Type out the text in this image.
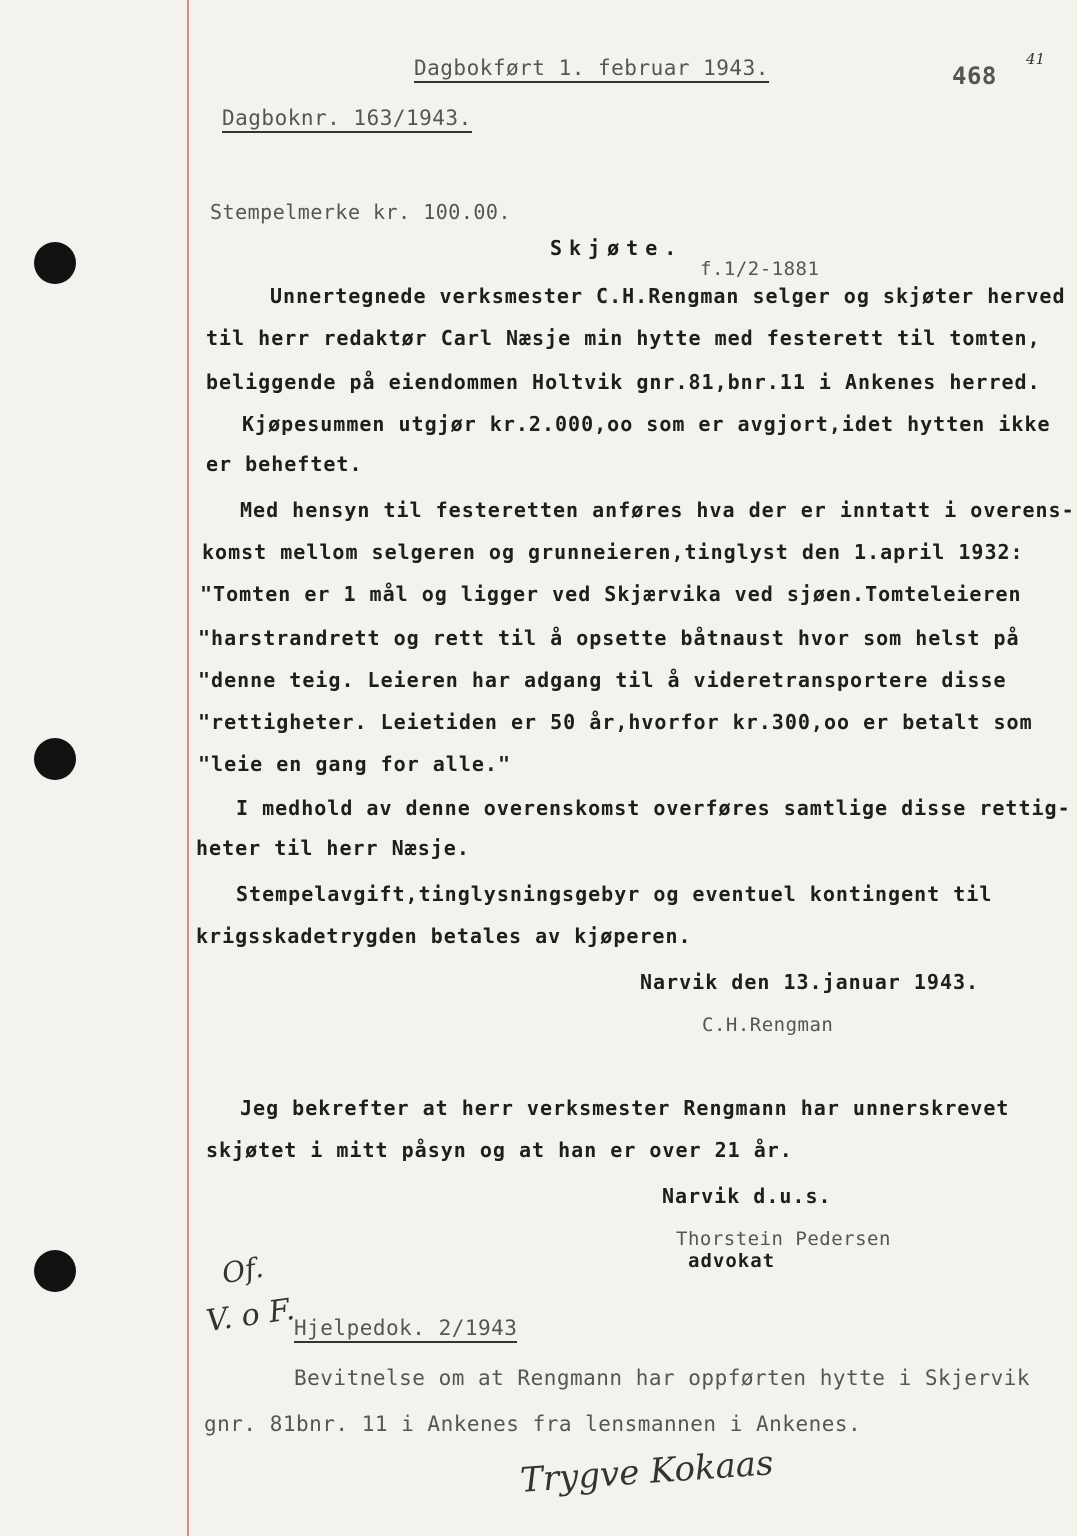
Dagbokført 1. februar 1943.	468
41
Dagboknr. 163/1943.
Stempelmerke kr. 100.00.
Skjøte.
f.1/2-1881
Unnertegnede verksmester C.H.Rengman selger og skjøter herved
til herr redaktør Carl Næsje min hytte med festerett til tomten,
beliggende på eiendommen Holtvik gnr.81,bnr.11 i Ankenes herred.
Kjøpesummen utgjør kr.2.000,oo som er avgjort,idet hytten ikke
er beheftet.
Med hensyn til festeretten anføres hva der er inntatt i overens-
komst mellom selgeren og grunneieren,tinglyst den 1.april 1932:
"Tomten er 1 mål og ligger ved Skjærvika ved sjøen.Tomteleieren
"harstrandrett og rett til å opsette båtnaust hvor som helst på
"denne teig. Leieren har adgang til å videretransportere disse
"rettigheter. Leietiden er 50 år,hvorfor kr.300,oo er betalt som
"leie en gang for alle."
I medhold av denne overenskomst overføres samtlige disse rettig-
heter til herr Næsje.
Stempelavgift,tinglysningsgebyr og eventuel kontingent til
krigsskadetrygden betales av kjøperen.
Narvik den 13.januar 1943.
C.H.Rengman
Jeg bekrefter at herr verksmester Rengmann har unnerskrevet
skjøtet i mitt påsyn og at han er over 21 år.
Narvik d.u.s.
Thorstein Pedersen
advokat
Of.
V. o F.
Hjelpedok. 2/1943
Bevitnelse om at Rengmann har oppførten hytte i Skjervik
gnr. 81bnr. 11 i Ankenes fra lensmannen i Ankenes.
Trygve Kokaas
